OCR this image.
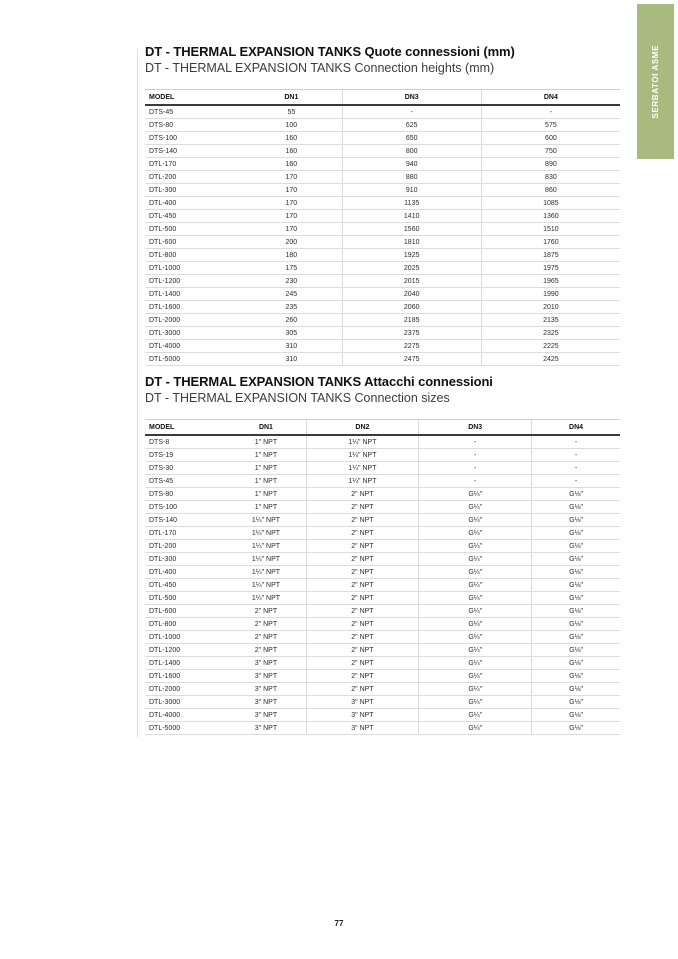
SERBATOI ASME
DT - THERMAL EXPANSION TANKS Quote connessioni (mm)
DT - THERMAL EXPANSION TANKS Connection heights (mm)
MODEL	DN1	DN3	DN4
DTS-45	55	-	-
DTS-80	100	625	575
DTS-100	160	650	600
DTS-140	160	800	750
DTL-170	160	940	890
DTL-200	170	880	830
DTL-300	170	910	860
DTL-400	170	1135	1085
DTL-450	170	1410	1360
DTL-500	170	1560	1510
DTL-600	200	1810	1760
DTL-800	180	1925	1875
DTL-1000	175	2025	1975
DTL-1200	230	2015	1965
DTL-1400	245	2040	1990
DTL-1600	235	2060	2010
DTL-2000	260	2185	2135
DTL-3000	305	2375	2325
DTL-4000	310	2275	2225
DTL-5000	310	2475	2425
DT - THERMAL EXPANSION TANKS Attacchi connessioni
DT - THERMAL EXPANSION TANKS Connection sizes
MODEL	DN1	DN2	DN3	DN4
DTS-8	1" NPT	1¼" NPT	-	-
DTS-19	1" NPT	1¼" NPT	-	-
DTS-30	1" NPT	1¼" NPT	-	-
DTS-45	1" NPT	1¼" NPT	-	-
DTS-80	1" NPT	2" NPT	G¼"	G⅛"
DTS-100	1" NPT	2" NPT	G¼"	G⅛"
DTS-140	1¼" NPT	2" NPT	G¼"	G⅛"
DTL-170	1¼" NPT	2" NPT	G¼"	G⅛"
DTL-200	1¼" NPT	2" NPT	G¼"	G⅛"
DTL-300	1¼" NPT	2" NPT	G¼"	G⅛"
DTL-400	1¼" NPT	2" NPT	G¼"	G⅛"
DTL-450	1¼" NPT	2" NPT	G¼"	G⅛"
DTL-500	1¼" NPT	2" NPT	G¼"	G⅛"
DTL-600	2" NPT	2" NPT	G¼"	G⅛"
DTL-800	2" NPT	2" NPT	G¼"	G⅛"
DTL-1000	2" NPT	2" NPT	G¼"	G⅛"
DTL-1200	2" NPT	2" NPT	G¼"	G⅛"
DTL-1400	3" NPT	2" NPT	G¼"	G⅛"
DTL-1600	3" NPT	2" NPT	G¼"	G⅛"
DTL-2000	3" NPT	2" NPT	G¼"	G⅛"
DTL-3000	3" NPT	3" NPT	G¼"	G⅛"
DTL-4000	3" NPT	3" NPT	G¼"	G⅛"
DTL-5000	3" NPT	3" NPT	G¼"	G⅛"
77
